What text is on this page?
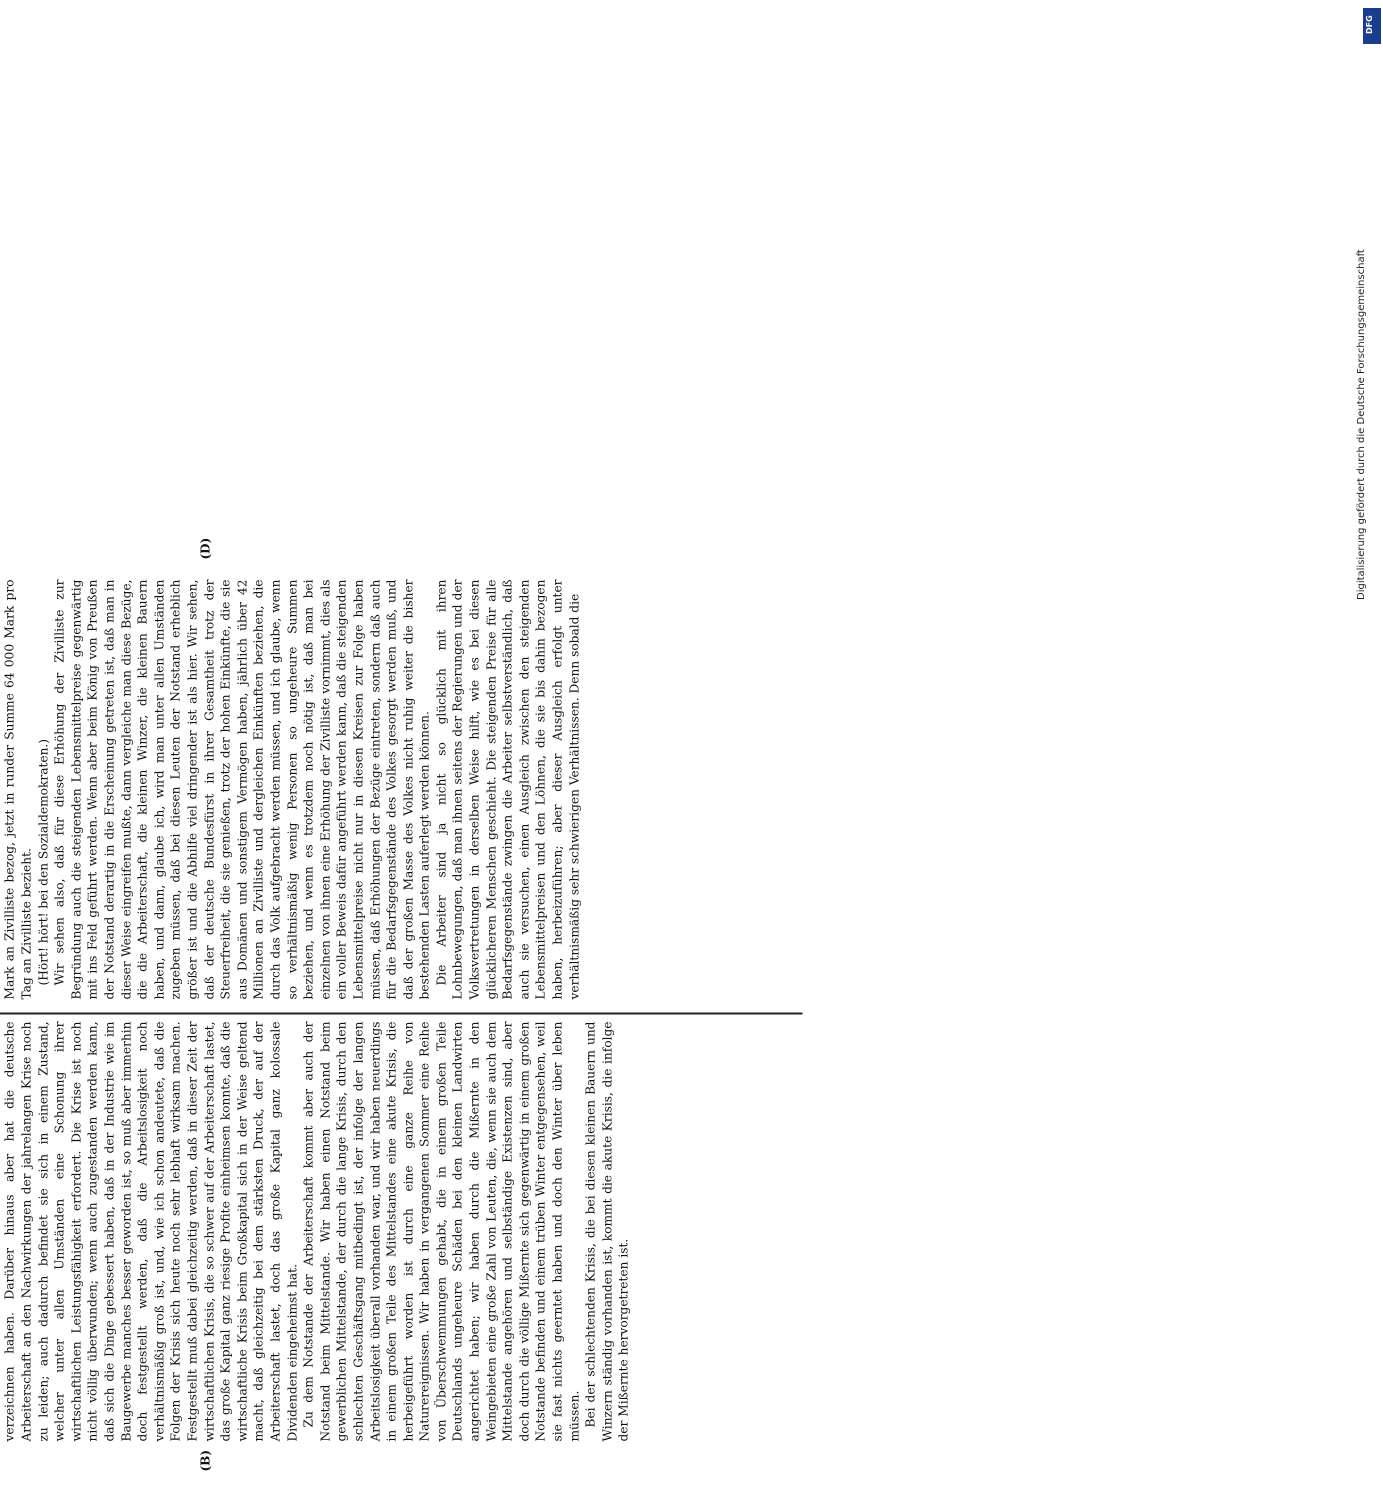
(B)
(D)

verzeichnen haben. Darüber hinaus aber hat die deutsche Arbeiterschaft an den Nachwirkungen der jahrelangen Krise noch zu leiden; auch dadurch befindet sie sich in einem Zustand, welcher unter allen Umständen eine Schonung ihrer wirtschaftlichen Leistungsfähigkeit erfordert. Die Krise ist noch nicht völlig überwunden; wenn auch zugestanden werden kann, daß sich die Dinge gebessert haben, daß in der Industrie wie im Baugewerbe manches besser geworden ist, so muß aber immerhin doch festgestellt werden, daß die Arbeitslosigkeit noch verhältnismäßig groß ist, und, wie ich schon andeutete, daß die Folgen der Krisis sich heute noch sehr lebhaft wirksam machen. Festgestellt muß dabei gleichzeitig werden, daß in dieser Zeit der wirtschaftlichen Krisis, die so schwer auf der Arbeiterschaft lastet, das große Kapital ganz riesige Profite einheimsen konnte, daß die wirtschaftliche Krisis beim Großkapital sich in der Weise geltend macht, daß gleichzeitig bei dem stärksten Druck, der auf der Arbeiterschaft lastet, doch das große Kapital ganz kolossale Dividenden eingeheimst hat. Zu dem Notstande der Arbeiterschaft kommt aber auch der Notstand beim Mittelstande. Wir haben einen Notstand beim gewerblichen Mittelstande, der durch die lange Krisis, durch den schlechten Geschäftsgang mitbedingt ist, der infolge der langen Arbeitslosigkeit überall vorhanden war, und wir haben neuerdings in einem großen Teile des Mittelstandes eine akute Krisis, die herbeigeführt worden ist durch eine ganze Reihe von Naturereignissen. Wir haben in vergangenen Sommer eine Reihe von Überschwemmungen gehabt, die in einem großen Teile Deutschlands ungeheure Schäden bei den kleinen Landwirten angerichtet haben; wir haben durch die Mißernte in den Weingebieten eine große Zahl von Leuten, die, wenn sie auch dem Mittelstande angehören und selbständige Existenzen sind, aber doch durch die völlige Mißernte sich gegenwärtig in einem großen Notstande befinden und einem trüben Winter entgegensehen, weil sie fast nichts geerntet haben und doch den Winter über leben müssen. Bei der schlechtenden Krisis, die bei diesen kleinen Bauern und Winzern ständig vorhanden ist, kommt die akute Krisis, die infolge der Mißernte hervorgetreten ist.

Mark an Zivilliste bezog, jetzt in runder Summe 64 000 Mark pro Tag an Zivilliste bezieht. (Hört! hört! bei den Sozialdemokraten.) Wir sehen also, daß für diese Erhöhung der Zivilliste zur Begründung auch die steigenden Lebensmittelpreise gegenwärtig mit ins Feld geführt werden. Wenn aber beim König von Preußen der Notstand derartig in die Erscheinung getreten ist, daß man in dieser Weise eingreifen mußte, dann vergleiche man diese Bezüge, die die Arbeiterschaft, die kleinen Winzer, die kleinen Bauern haben, und dann, glaube ich, wird man unter allen Umständen zugeben müssen, daß bei diesen Leuten der Notstand erheblich größer ist und die Abhilfe viel dringender ist als hier. Wir sehen, daß der deutsche Bundesfürst in ihrer Gesamtheit trotz der Steuerfreiheit, die sie genießen, trotz der hohen Einkünfte, die sie aus Domänen und sonstigem Vermögen haben, jährlich über 42 Millionen an Zivilliste und dergleichen Einkünften beziehen, die durch das Volk aufgebracht werden müssen, und ich glaube, wenn so verhältnismäßig wenig Personen so ungeheure Summen beziehen, und wenn es trotzdem noch nötig ist, daß man bei einzelnen von ihnen eine Erhöhung der Zivilliste vornimmt, dies als ein voller Beweis dafür angeführt werden kann, daß die steigenden Lebensmittelpreise nicht nur in diesen Kreisen zur Folge haben müssen, daß Erhöhungen der Bezüge eintreten, sondern daß auch für die Bedarfsgegenstände des Volkes gesorgt werden muß, und daß der großen Masse des Volkes nicht ruhig weiter die bisher bestehenden Lasten auferlegt werden können. Die Arbeiter sind ja nicht so glücklich mit ihren Lohnbewegungen, daß man ihnen seitens der Regierungen und der Volksvertretungen in derselben Weise hilft, wie es bei diesen glücklicheren Menschen geschieht. Die steigenden Preise für alle Bedarfsgegenstände zwingen die Arbeiter selbstverständlich, daß auch sie versuchen, einen Ausgleich zwischen den steigenden Lebensmittelpreisen und den Löhnen, die sie bis dahin bezogen haben, herbeizuführen; aber dieser Ausgleich erfolgt unter verhältnismäßig sehr schwierigen Verhältnissen. Denn sobald die

DFG
Digitalisierung gefördert durch die Deutsche Forschungsgemeinschaft
